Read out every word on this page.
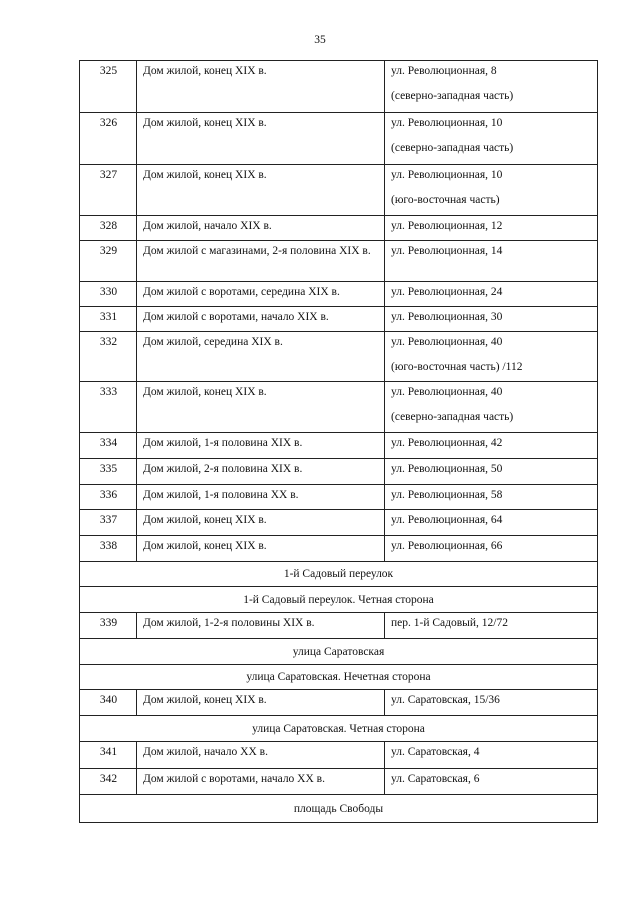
35
325	Дом жилой, конец XIX в.	ул. Революционная, 8
(северно-западная часть)

326	Дом жилой, конец XIX в.	ул. Революционная, 10
(северно-западная часть)

327	Дом жилой, конец XIX в.	ул. Революционная, 10
(юго-восточная часть)

328	Дом жилой, начало XIX в.	ул. Революционная, 12

329	Дом жилой с магазинами, 2-я половина XIX в.	ул. Революционная, 14

330	Дом жилой с воротами, середина XIX в.	ул. Революционная, 24

331	Дом жилой с воротами, начало XIX в.	ул. Революционная, 30

332	Дом жилой, середина XIX в.	ул. Революционная, 40
(юго-восточная часть) /112

333	Дом жилой, конец XIX в.	ул. Революционная, 40
(северно-западная часть)

334	Дом жилой, 1-я половина XIX в.	ул. Революционная, 42

335	Дом жилой, 2-я половина XIX в.	ул. Революционная, 50

336	Дом жилой, 1-я половина XX в.	ул. Революционная, 58

337	Дом жилой, конец XIX в.	ул. Революционная, 64

338	Дом жилой, конец XIX в.	ул. Революционная, 66

1-й Садовый переулок		
1-й Садовый переулок. Четная сторона		
339	Дом жилой, 1-2-я половины XIX в.	пер. 1-й Садовый, 12/72

улица Саратовская		
улица Саратовская. Нечетная сторона		
340	Дом жилой, конец XIX в.	ул. Саратовская, 15/36

улица Саратовская. Четная сторона		
341	Дом жилой, начало XX в.	ул. Саратовская, 4

342	Дом жилой с воротами, начало XX в.	ул. Саратовская, 6

площадь Свободы		
